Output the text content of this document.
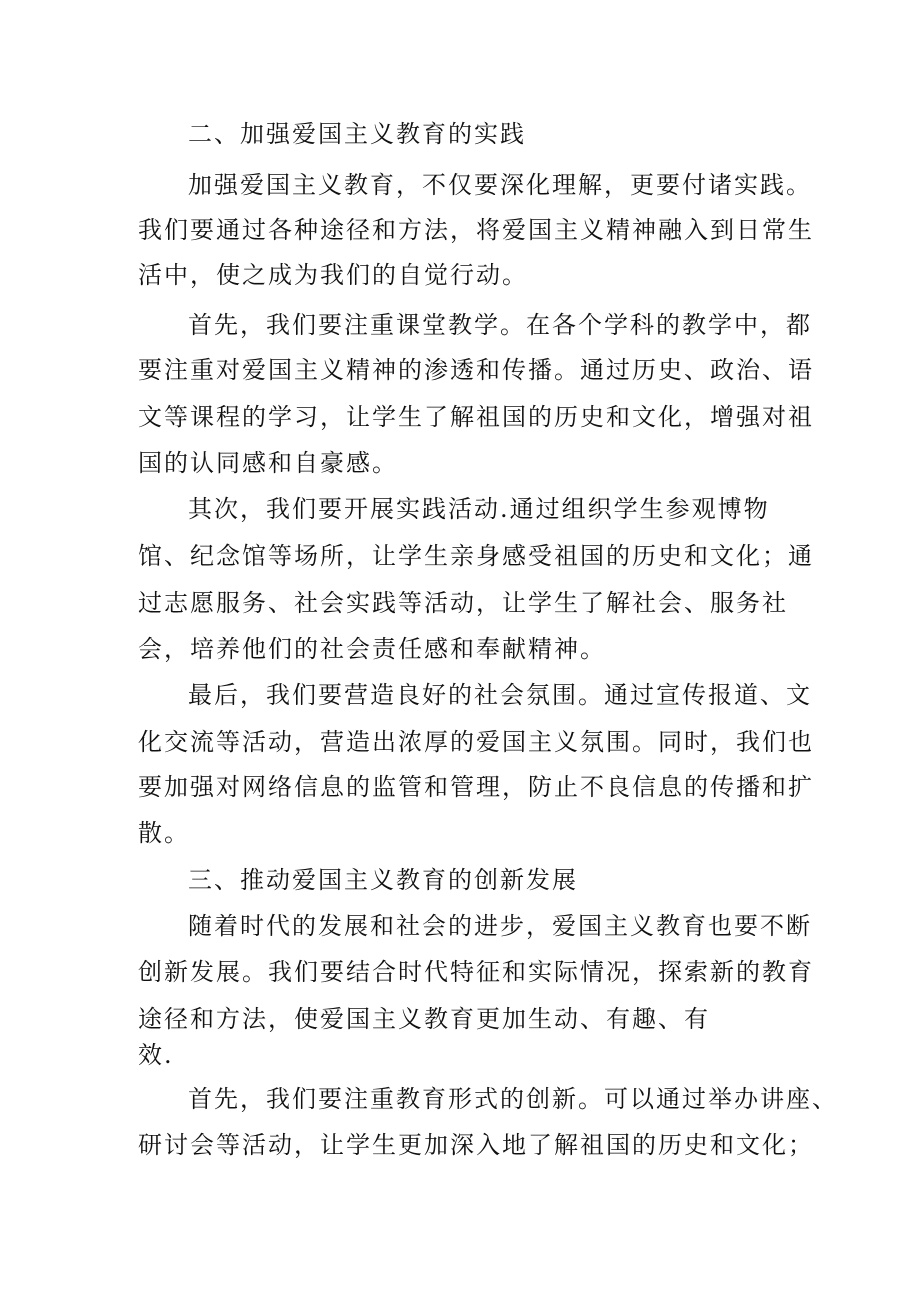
二、加强爱国主义教育的实践
加强爱国主义教育，不仅要深化理解，更要付诸实践。
我们要通过各种途径和方法，将爱国主义精神融入到日常生
活中，使之成为我们的自觉行动。
首先，我们要注重课堂教学。在各个学科的教学中，都
要注重对爱国主义精神的渗透和传播。通过历史、政治、语
文等课程的学习，让学生了解祖国的历史和文化，增强对祖
国的认同感和自豪感。
其次，我们要开展实践活动.通过组织学生参观博物
馆、纪念馆等场所，让学生亲身感受祖国的历史和文化；通
过志愿服务、社会实践等活动，让学生了解社会、服务社
会，培养他们的社会责任感和奉献精神。
最后，我们要营造良好的社会氛围。通过宣传报道、文
化交流等活动，营造出浓厚的爱国主义氛围。同时，我们也
要加强对网络信息的监管和管理，防止不良信息的传播和扩
散。
三、推动爱国主义教育的创新发展
随着时代的发展和社会的进步，爱国主义教育也要不断
创新发展。我们要结合时代特征和实际情况，探索新的教育
途径和方法，使爱国主义教育更加生动、有趣、有
效.
首先，我们要注重教育形式的创新。可以通过举办讲座、
研讨会等活动，让学生更加深入地了解祖国的历史和文化；
